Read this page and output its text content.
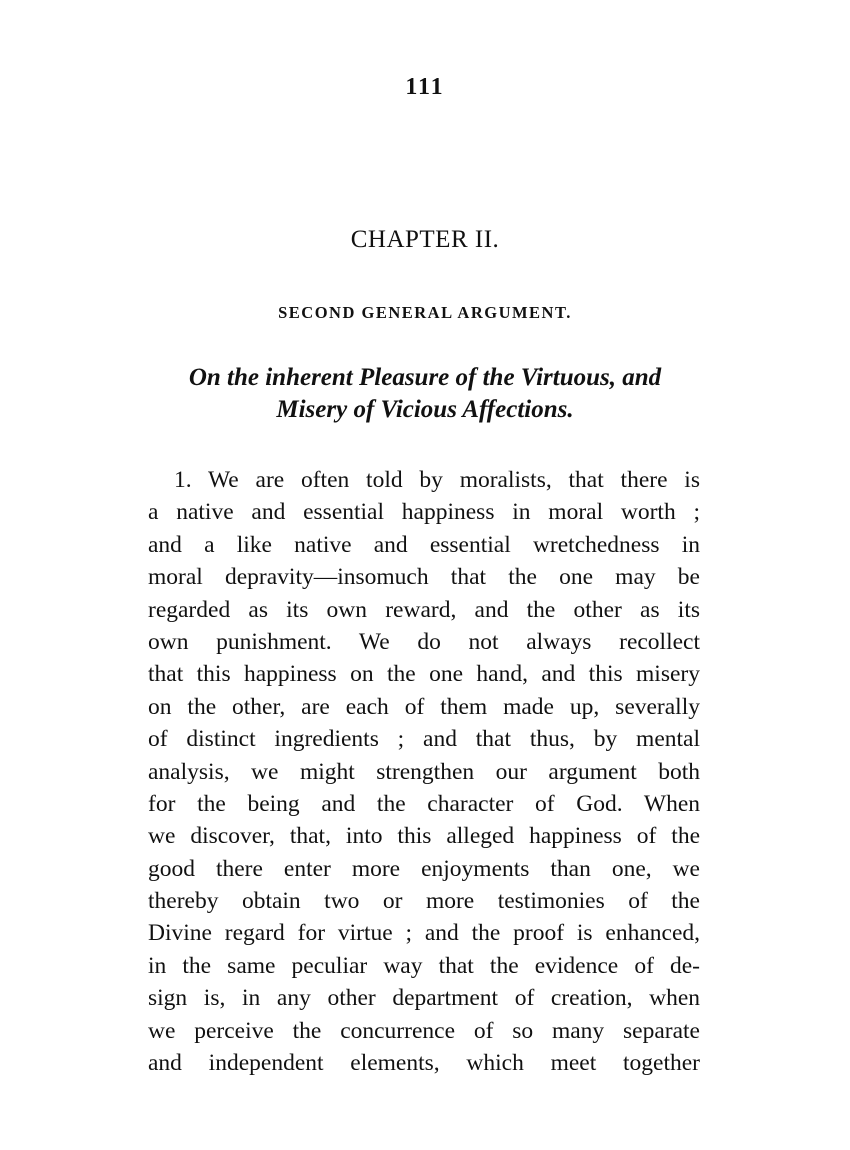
111
CHAPTER II.
SECOND GENERAL ARGUMENT.
On the inherent Pleasure of the Virtuous, and
Misery of Vicious Affections.
1. We are often told by moralists, that there is
a native and essential happiness in moral worth ;
and a like native and essential wretchedness in
moral depravity—insomuch that the one may be
regarded as its own reward, and the other as its
own punishment. We do not always recollect
that this happiness on the one hand, and this misery
on the other, are each of them made up, severally
of distinct ingredients ; and that thus, by mental
analysis, we might strengthen our argument both
for the being and the character of God. When
we discover, that, into this alleged happiness of the
good there enter more enjoyments than one, we
thereby obtain two or more testimonies of the
Divine regard for virtue ; and the proof is enhanced,
in the same peculiar way that the evidence of de-
sign is, in any other department of creation, when
we perceive the concurrence of so many separate
and independent elements, which meet together
